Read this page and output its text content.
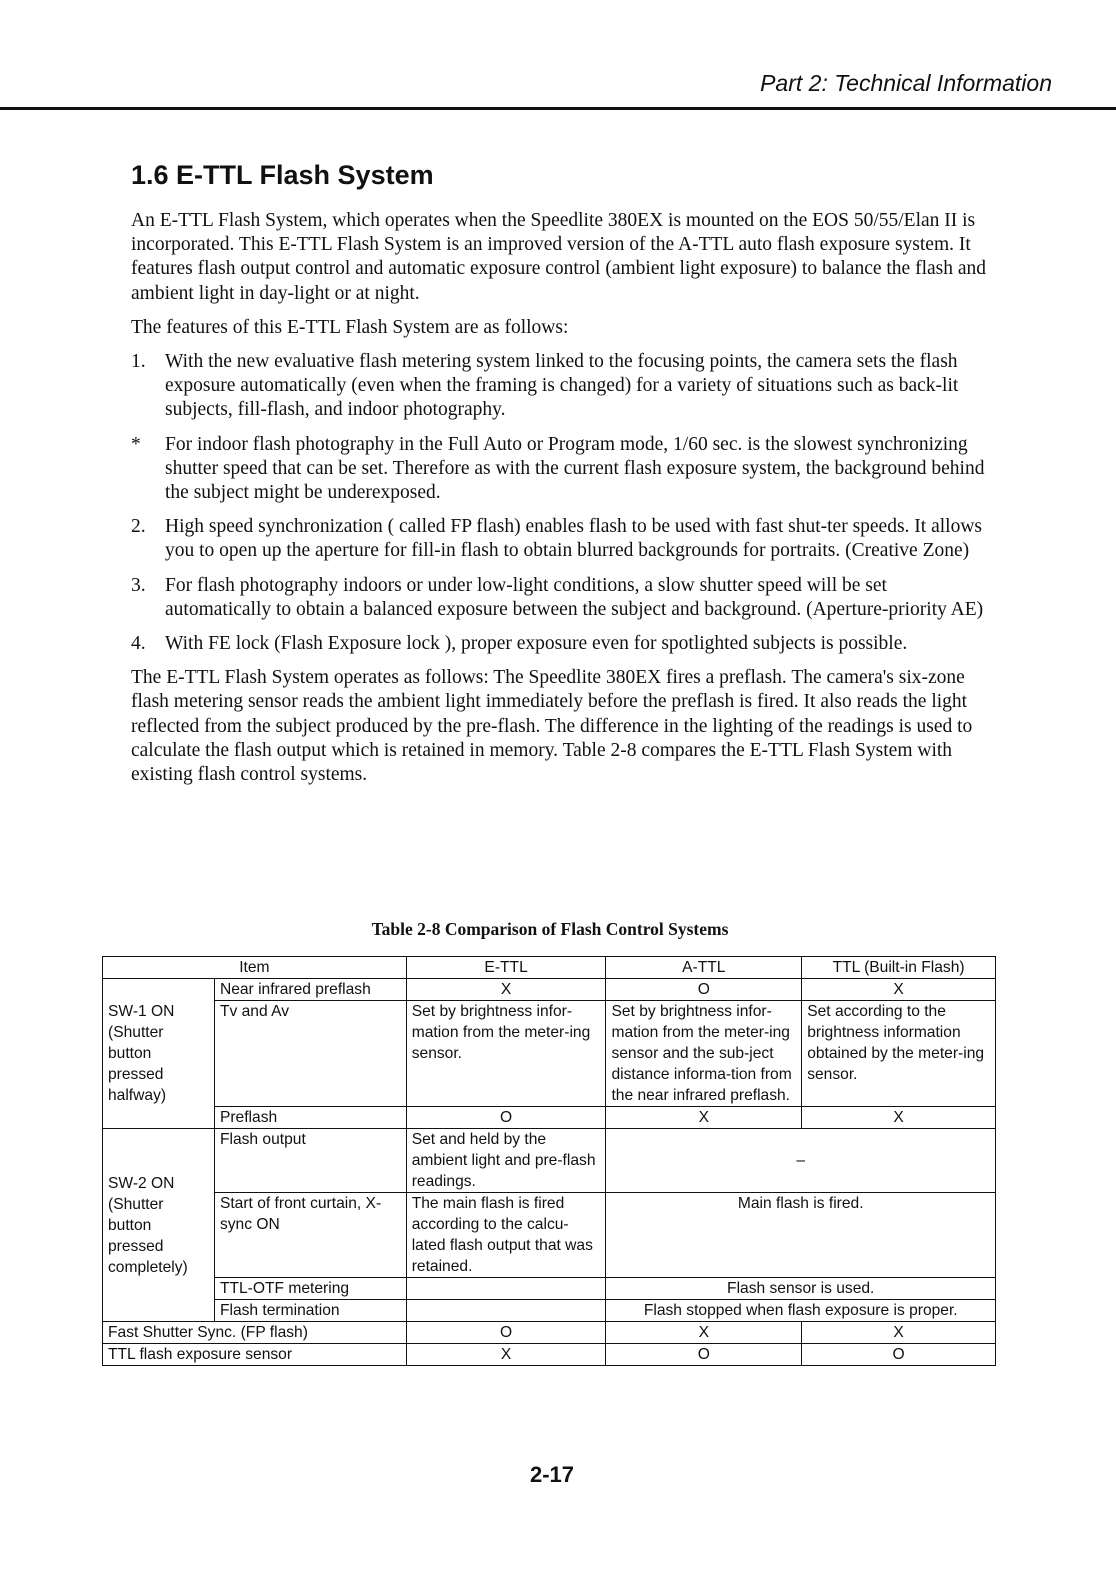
Part 2: Technical Information
1.6 E-TTL Flash System

An E-TTL Flash System, which operates when the Speedlite 380EX is mounted on the EOS 50/55/Elan II is incorporated. This E-TTL Flash System is an improved version of the A-TTL auto flash exposure system. It features flash output control and automatic exposure control (ambient light exposure) to balance the flash and ambient light in day-light or at night.

The features of this E-TTL Flash System are as follows:

1. With the new evaluative flash metering system linked to the focusing points, the camera sets the flash exposure automatically (even when the framing is changed) for a variety of situations such as back-lit subjects, fill-flash, and indoor photography.
* For indoor flash photography in the Full Auto or Program mode, 1/60 sec. is the slowest synchronizing shutter speed that can be set. Therefore as with the current flash exposure system, the background behind the subject might be underexposed.
2. High speed synchronization ( called FP flash) enables flash to be used with fast shut-ter speeds. It allows you to open up the aperture for fill-in flash to obtain blurred backgrounds for portraits. (Creative Zone)
3. For flash photography indoors or under low-light conditions, a slow shutter speed will be set automatically to obtain a balanced exposure between the subject and background. (Aperture-priority AE)
4. With FE lock (Flash Exposure lock ), proper exposure even for spotlighted subjects is possible.

The E-TTL Flash System operates as follows: The Speedlite 380EX fires a preflash. The camera's six-zone flash metering sensor reads the ambient light immediately before the preflash is fired. It also reads the light reflected from the subject produced by the pre-flash. The difference in the lighting of the readings is used to calculate the flash output which is retained in memory. Table 2-8 compares the E-TTL Flash System with existing flash control systems.

Table 2-8 Comparison of Flash Control Systems
Item		E-TTL	A-TTL	TTL (Built-in Flash)
SW-1 ON (Shutter button pressed halfway)	Near infrared preflash	X	O	X
	Tv and Av	Set by brightness infor-mation from the meter-ing sensor.	Set by brightness infor-mation from the meter-ing sensor and the sub-ject distance informa-tion from the near infrared preflash.	Set according to the brightness information obtained by the meter-ing sensor.
	Preflash	O	X	X
SW-2 ON (Shutter button pressed completely)	Flash output	Set and held by the ambient light and pre-flash readings.	–	
	Start of front curtain, X-sync ON	The main flash is fired according to the calcu-lated flash output that was retained.	Main flash is fired.	
	TTL-OTF metering		Flash sensor is used.	
	Flash termination		Flash stopped when flash exposure is proper.	
Fast Shutter Sync. (FP flash)		O	X	X
TTL flash exposure sensor		X	O	O
2-17
